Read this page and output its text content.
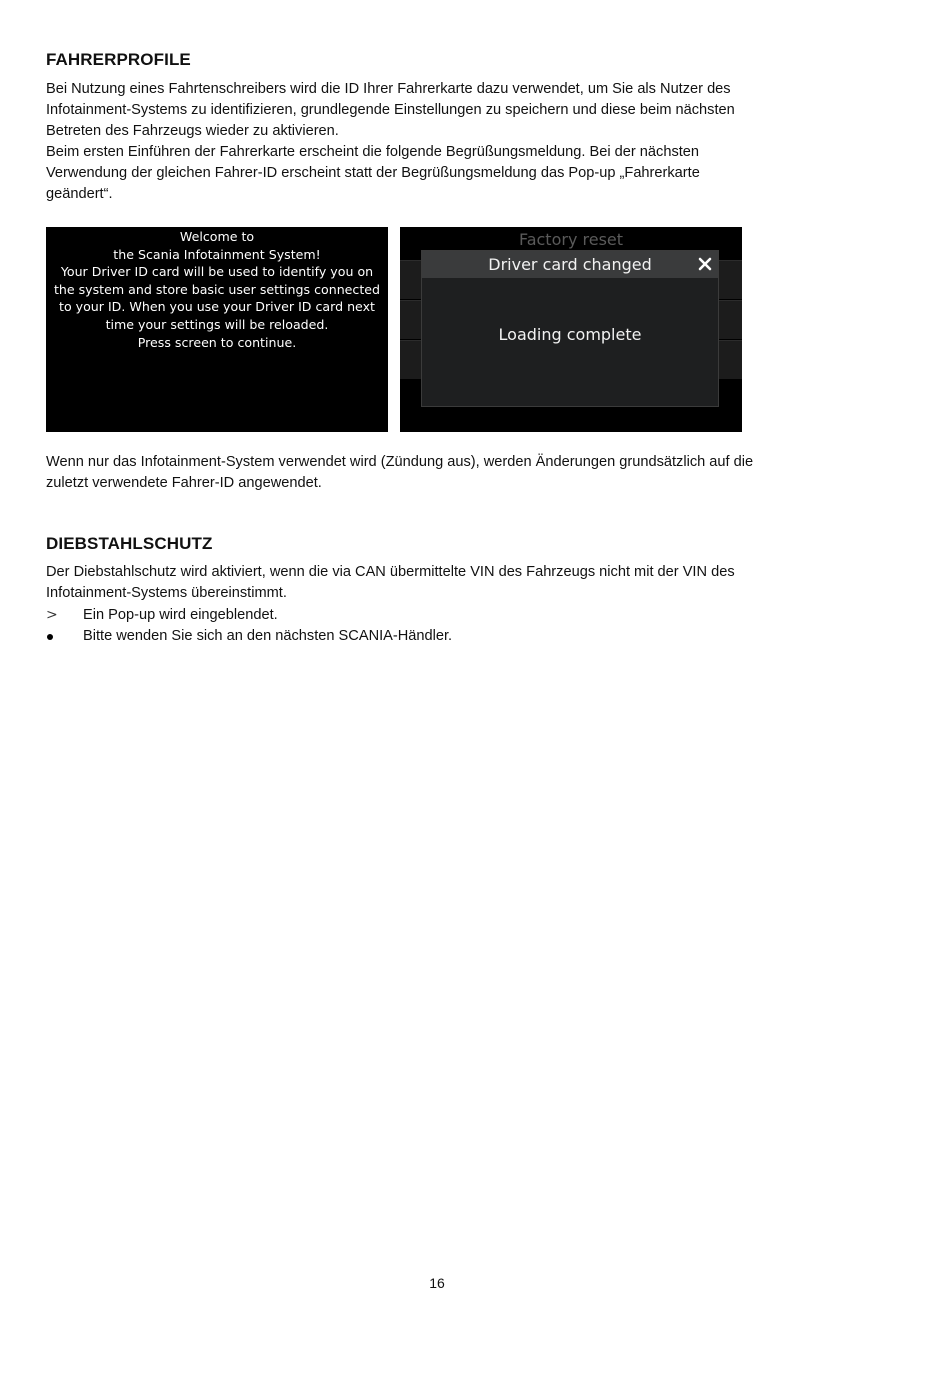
FAHRERPROFILE

Bei Nutzung eines Fahrtenschreibers wird die ID Ihrer Fahrerkarte dazu verwendet, um Sie als Nutzer des
Infotainment-Systems zu identifizieren, grundlegende Einstellungen zu speichern und diese beim nächsten
Betreten des Fahrzeugs wieder zu aktivieren.
Beim ersten Einführen der Fahrerkarte erscheint die folgende Begrüßungsmeldung. Bei der nächsten
Verwendung der gleichen Fahrer-ID erscheint statt der Begrüßungsmeldung das Pop-up „Fahrerkarte
geändert“.

Welcome to
the Scania Infotainment System!
Your Driver ID card will be used to identify you on
the system and store basic user settings connected
to your ID. When you use your Driver ID card next
time your settings will be reloaded.
Press screen to continue.
Factory reset
Driver card changed
Loading complete

Wenn nur das Infotainment-System verwendet wird (Zündung aus), werden Änderungen grundsätzlich auf die
zuletzt verwendete Fahrer-ID angewendet.

DIEBSTAHLSCHUTZ

Der Diebstahlschutz wird aktiviert, wenn die via CAN übermittelte VIN des Fahrzeugs nicht mit der VIN des
Infotainment-Systems übereinstimmt.

> Ein Pop-up wird eingeblendet.
Bitte wenden Sie sich an den nächsten SCANIA-Händler.
16
